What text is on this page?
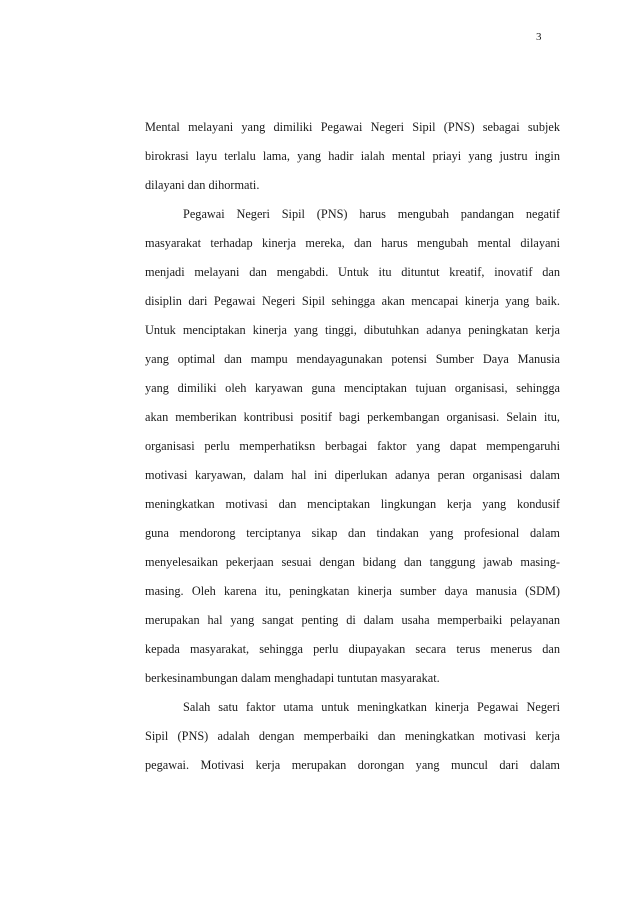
3
Mental melayani yang dimiliki Pegawai Negeri Sipil (PNS) sebagai subjek
birokrasi layu terlalu lama, yang hadir ialah mental priayi yang justru ingin
dilayani dan dihormati.
Pegawai Negeri Sipil (PNS) harus mengubah pandangan negatif
masyarakat terhadap kinerja mereka, dan harus mengubah mental dilayani
menjadi melayani dan mengabdi. Untuk itu dituntut kreatif, inovatif dan
disiplin dari Pegawai Negeri Sipil sehingga akan mencapai kinerja yang baik.
Untuk menciptakan kinerja yang tinggi, dibutuhkan adanya peningkatan kerja
yang optimal dan mampu mendayagunakan potensi Sumber Daya Manusia
yang dimiliki oleh karyawan guna menciptakan tujuan organisasi, sehingga
akan memberikan kontribusi positif bagi perkembangan organisasi. Selain itu,
organisasi perlu memperhatiksn berbagai faktor yang dapat mempengaruhi
motivasi karyawan, dalam hal ini diperlukan adanya peran organisasi dalam
meningkatkan motivasi dan menciptakan lingkungan kerja yang kondusif
guna mendorong terciptanya sikap dan tindakan yang profesional dalam
menyelesaikan pekerjaan sesuai dengan bidang dan tanggung jawab masing-
masing. Oleh karena itu, peningkatan kinerja sumber daya manusia (SDM)
merupakan hal yang sangat penting di dalam usaha memperbaiki pelayanan
kepada masyarakat, sehingga perlu diupayakan secara terus menerus dan
berkesinambungan dalam menghadapi tuntutan masyarakat.
Salah satu faktor utama untuk meningkatkan kinerja Pegawai Negeri
Sipil (PNS) adalah dengan memperbaiki dan meningkatkan motivasi kerja
pegawai. Motivasi kerja merupakan dorongan yang muncul dari dalam
